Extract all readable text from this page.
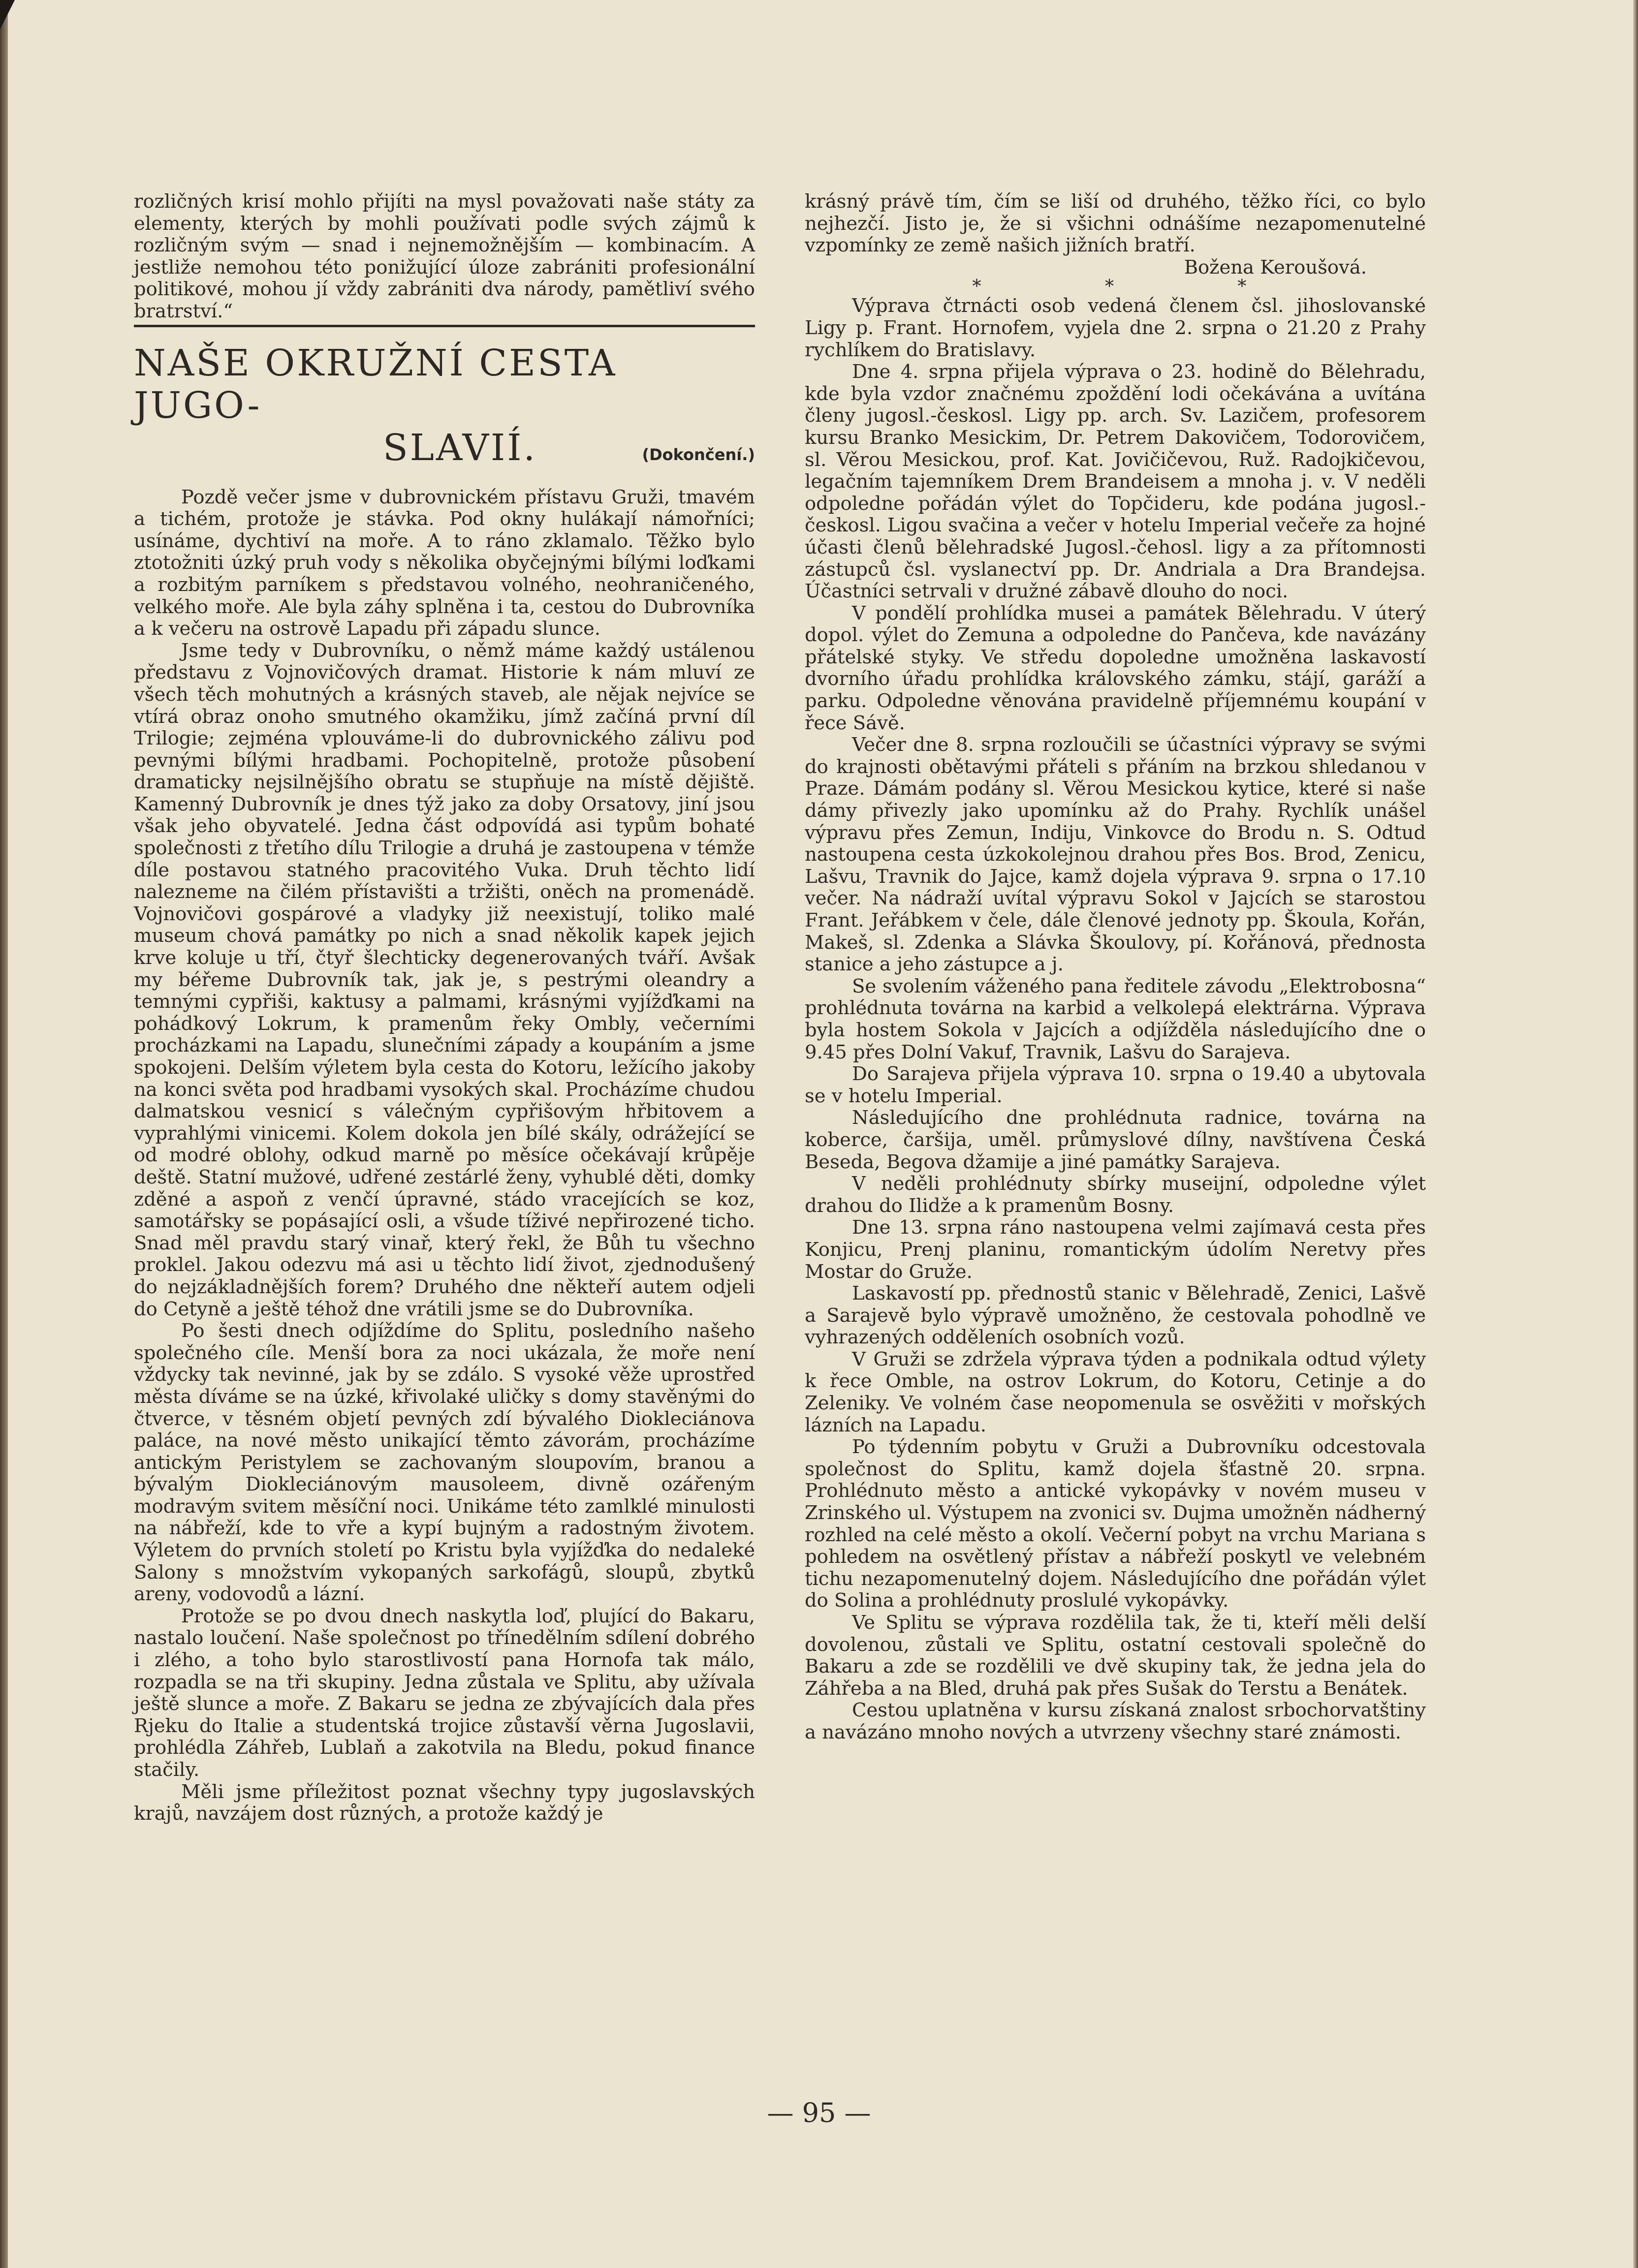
rozličných krisí mohlo přijíti na mysl považovati naše státy za elementy, kterých by mohli používati podle svých zájmů k rozličným svým — snad i nejnemožnějším — kombinacím. A jestliže nemohou této ponižující úloze zabrániti profesionální politikové, mohou jí vždy zabrániti dva národy, pamětliví svého bratrství.“

NAŠE OKRUŽNÍ CESTA JUGO-
SLAVIÍ.	(Dokončení.)

Pozdě večer jsme v dubrovnickém přístavu Gruži, tmavém a tichém, protože je stávka. Pod okny hulákají námořníci; usínáme, dychtiví na moře. A to ráno zklamalo. Těžko bylo ztotožniti úzký pruh vody s několika obyčejnými bílými loďkami a rozbitým parníkem s představou volného, neohraničeného, velkého moře. Ale byla záhy splněna i ta, cestou do Dubrovníka a k večeru na ostrově Lapadu při západu slunce.

Jsme tedy v Dubrovníku, o němž máme každý ustálenou představu z Vojnovičových dramat. Historie k nám mluví ze všech těch mohutných a krásných staveb, ale nějak nejvíce se vtírá obraz onoho smutného okamžiku, jímž začíná první díl Trilogie; zejména vplouváme-li do dubrovnického zálivu pod pevnými bílými hradbami. Pochopitelně, protože působení dramaticky nejsilnějšího obratu se stupňuje na místě dějiště. Kamenný Dubrovník je dnes týž jako za doby Orsatovy, jiní jsou však jeho obyvatelé. Jedna část odpovídá asi typům bohaté společnosti z třetího dílu Trilogie a druhá je zastoupena v témže díle postavou statného pracovitého Vuka. Druh těchto lidí nalezneme na čilém přístavišti a tržišti, oněch na promenádě. Vojnovičovi gospárové a vladyky již neexistují, toliko malé museum chová památky po nich a snad několik kapek jejich krve koluje u tří, čtyř šlechticky degenerovaných tváří. Avšak my béřeme Dubrovník tak, jak je, s pestrými oleandry a temnými cypřiši, kaktusy a palmami, krásnými vyjížďkami na pohádkový Lokrum, k pramenům řeky Ombly, večerními procházkami na Lapadu, slunečními západy a koupáním a jsme spokojeni. Delším výletem byla cesta do Kotoru, ležícího jakoby na konci světa pod hradbami vysokých skal. Procházíme chudou dalmatskou vesnicí s válečným cypřišovým hřbitovem a vyprahlými vinicemi. Kolem dokola jen bílé skály, odrážející se od modré oblohy, odkud marně po měsíce očekávají krůpěje deště. Statní mužové, udřené zestárlé ženy, vyhublé děti, domky zděné a aspoň z venčí úpravné, stádo vracejících se koz, samotářsky se popásající osli, a všude tíživé nepřirozené ticho. Snad měl pravdu starý vinař, který řekl, že Bůh tu všechno proklel. Jakou odezvu má asi u těchto lidí život, zjednodušený do nejzákladnějších forem? Druhého dne někteří autem odjeli do Cetyně a ještě téhož dne vrátili jsme se do Dubrovníka.

Po šesti dnech odjíždíme do Splitu, posledního našeho společného cíle. Menší bora za noci ukázala, že moře není vždycky tak nevinné, jak by se zdálo. S vysoké věže uprostřed města díváme se na úzké, křivolaké uličky s domy stavěnými do čtverce, v těsném objetí pevných zdí bývalého Diokleciánova paláce, na nové město unikající těmto závorám, procházíme antickým Peristylem se zachovaným sloupovím, branou a bývalým Diokleciánovým mausoleem, divně ozářeným modravým svitem měsíční noci. Unikáme této zamlklé minulosti na nábřeží, kde to vře a kypí bujným a radostným životem. Výletem do prvních století po Kristu byla vyjížďka do nedaleké Salony s množstvím vykopaných sarkofágů, sloupů, zbytků areny, vodovodů a lázní.

Protože se po dvou dnech naskytla loď, plující do Bakaru, nastalo loučení. Naše společnost po třínedělním sdílení dobrého i zlého, a toho bylo starostlivostí pana Hornofa tak málo, rozpadla se na tři skupiny. Jedna zůstala ve Splitu, aby užívala ještě slunce a moře. Z Bakaru se jedna ze zbývajících dala přes Rjeku do Italie a studentská trojice zůstavší věrna Jugoslavii, prohlédla Záhřeb, Lublaň a zakotvila na Bledu, pokud finance stačily.

Měli jsme příležitost poznat všechny typy jugoslavských krajů, navzájem dost různých, a protože každý je

krásný právě tím, čím se liší od druhého, těžko říci, co bylo nejhezčí. Jisto je, že si všichni odnášíme nezapomenutelné vzpomínky ze země našich jižních bratří.

Božena Keroušová.

* * *

Výprava čtrnácti osob vedená členem čsl. jihoslovanské Ligy p. Frant. Hornofem, vyjela dne 2. srpna o 21.20 z Prahy rychlíkem do Bratislavy.

Dne 4. srpna přijela výprava o 23. hodině do Bělehradu, kde byla vzdor značnému zpoždění lodi očekávána a uvítána členy jugosl.-českosl. Ligy pp. arch. Sv. Lazičem, profesorem kursu Branko Mesickim, Dr. Petrem Dakovičem, Todorovičem, sl. Věrou Mesickou, prof. Kat. Jovičičevou, Ruž. Radojkičevou, legačním tajemníkem Drem Brandeisem a mnoha j. v. V neděli odpoledne pořádán výlet do Topčideru, kde podána jugosl.-českosl. Ligou svačina a večer v hotelu Imperial večeře za hojné účasti členů bělehradské Jugosl.-čehosl. ligy a za přítomnosti zástupců čsl. vyslanectví pp. Dr. Andriala a Dra Brandejsa. Účastníci setrvali v družné zábavě dlouho do noci.

V pondělí prohlídka musei a památek Bělehradu. V úterý dopol. výlet do Zemuna a odpoledne do Pančeva, kde navázány přátelské styky. Ve středu dopoledne umožněna laskavostí dvorního úřadu prohlídka královského zámku, stájí, garáží a parku. Odpoledne věnována pravidelně příjemnému koupání v řece Sávě.

Večer dne 8. srpna rozloučili se účastníci výpravy se svými do krajnosti obětavými přáteli s přáním na brzkou shledanou v Praze. Dámám podány sl. Věrou Mesickou kytice, které si naše dámy přivezly jako upomínku až do Prahy. Rychlík unášel výpravu přes Zemun, Indiju, Vinkovce do Brodu n. S. Odtud nastoupena cesta úzkokolejnou drahou přes Bos. Brod, Zenicu, Lašvu, Travnik do Jajce, kamž dojela výprava 9. srpna o 17.10 večer. Na nádraží uvítal výpravu Sokol v Jajcích se starostou Frant. Jeřábkem v čele, dále členové jednoty pp. Škoula, Kořán, Makeš, sl. Zdenka a Slávka Škoulovy, pí. Kořánová, přednosta stanice a jeho zástupce a j.

Se svolením váženého pana ředitele závodu „Elektrobosna“ prohlédnuta továrna na karbid a velkolepá elektrárna. Výprava byla hostem Sokola v Jajcích a odjížděla následujícího dne o 9.45 přes Dolní Vakuf, Travnik, Lašvu do Sarajeva.

Do Sarajeva přijela výprava 10. srpna o 19.40 a ubytovala se v hotelu Imperial.

Následujícího dne prohlédnuta radnice, továrna na koberce, čaršija, uměl. průmyslové dílny, navštívena Česká Beseda, Begova džamije a jiné památky Sarajeva.

V neděli prohlédnuty sbírky museijní, odpoledne výlet drahou do Ilidže a k pramenům Bosny.

Dne 13. srpna ráno nastoupena velmi zajímavá cesta přes Konjicu, Prenj planinu, romantickým údolím Neretvy přes Mostar do Gruže.

Laskavostí pp. přednostů stanic v Bělehradě, Zenici, Lašvě a Sarajevě bylo výpravě umožněno, že cestovala pohodlně ve vyhrazených odděleních osobních vozů.

V Gruži se zdržela výprava týden a podnikala odtud výlety k řece Omble, na ostrov Lokrum, do Kotoru, Cetinje a do Zeleniky. Ve volném čase neopomenula se osvěžiti v mořských lázních na Lapadu.

Po týdenním pobytu v Gruži a Dubrovníku odcestovala společnost do Splitu, kamž dojela šťastně 20. srpna. Prohlédnuto město a antické vykopávky v novém museu v Zrinského ul. Výstupem na zvonici sv. Dujma umožněn nádherný rozhled na celé město a okolí. Večerní pobyt na vrchu Mariana s pohledem na osvětlený přístav a nábřeží poskytl ve velebném tichu nezapomenutelný dojem. Následujícího dne pořádán výlet do Solina a prohlédnuty proslulé vykopávky.

Ve Splitu se výprava rozdělila tak, že ti, kteří měli delší dovolenou, zůstali ve Splitu, ostatní cestovali společně do Bakaru a zde se rozdělili ve dvě skupiny tak, že jedna jela do Záhřeba a na Bled, druhá pak přes Sušak do Terstu a Benátek.

Cestou uplatněna v kursu získaná znalost srbochorvatštiny a navázáno mnoho nových a utvrzeny všechny staré známosti.

— 95 —
